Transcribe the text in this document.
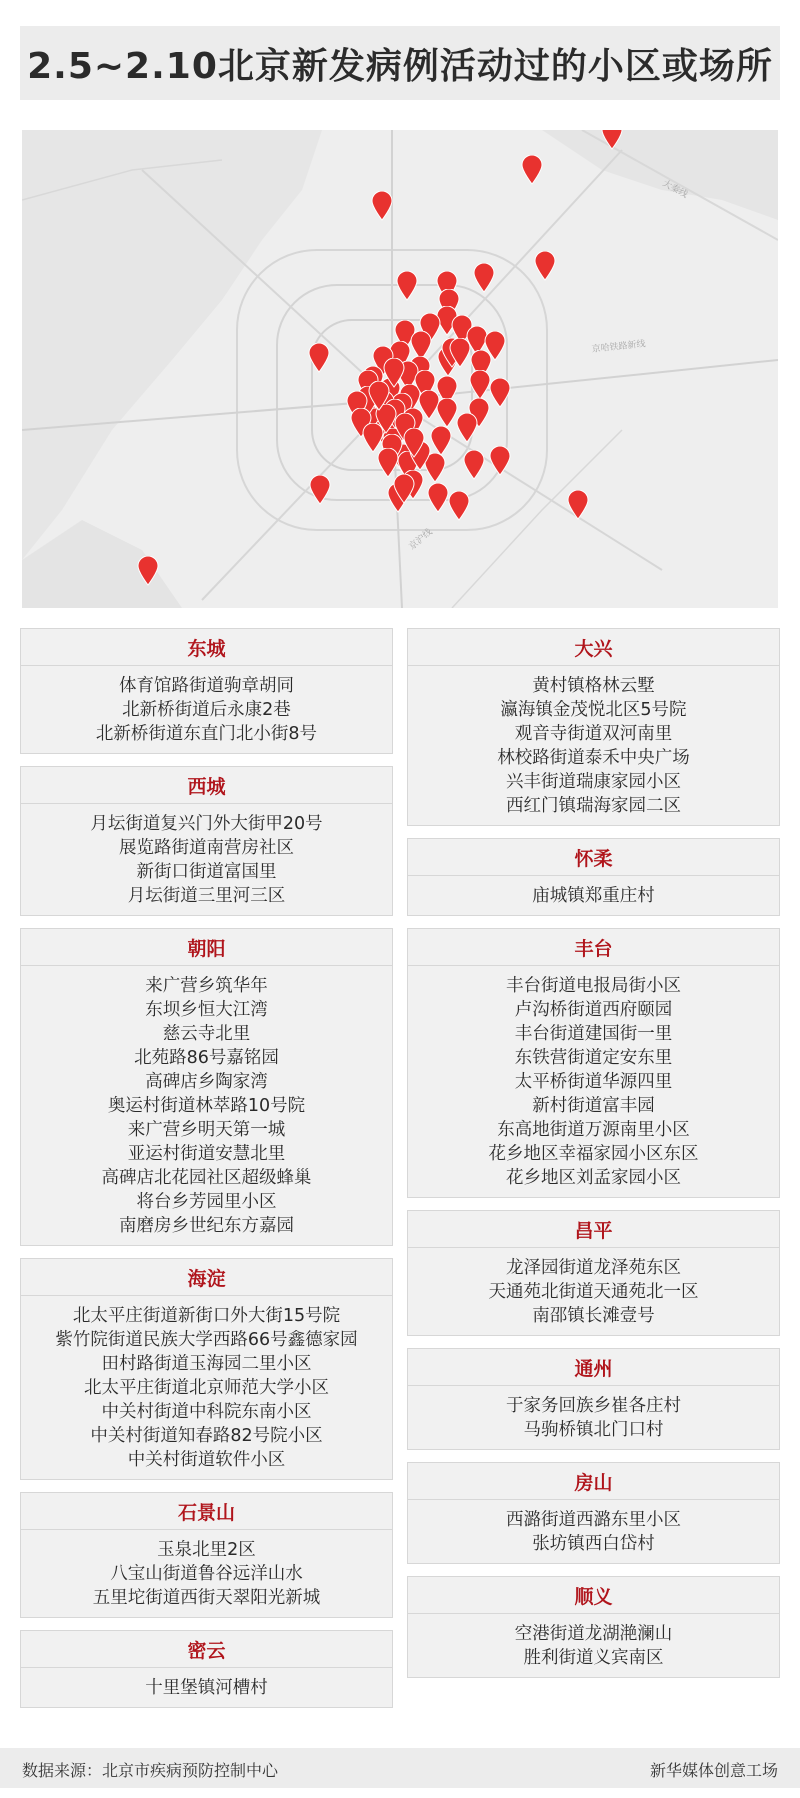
2.5~2.10北京新发病例活动过的小区或场所
京哈铁路新线
大秦线
京沪线
数据来源：北京市疾病预防控制中心	新华媒体创意工场
东城
体育馆路街道驹章胡同
北新桥街道后永康2巷
北新桥街道东直门北小街8号
西城
月坛街道复兴门外大街甲20号
展览路街道南营房社区
新街口街道富国里
月坛街道三里河三区
朝阳
来广营乡筑华年
东坝乡恒大江湾
慈云寺北里
北苑路86号嘉铭园
高碑店乡陶家湾
奥运村街道林萃路10号院
来广营乡明天第一城
亚运村街道安慧北里
高碑店北花园社区超级蜂巢
将台乡芳园里小区
南磨房乡世纪东方嘉园
海淀
北太平庄街道新街口外大街15号院
紫竹院街道民族大学西路66号鑫德家园
田村路街道玉海园二里小区
北太平庄街道北京师范大学小区
中关村街道中科院东南小区
中关村街道知春路82号院小区
中关村街道软件小区
石景山
玉泉北里2区
八宝山街道鲁谷远洋山水
五里坨街道西街天翠阳光新城
密云
十里堡镇河槽村
大兴
黄村镇格林云墅
瀛海镇金茂悦北区5号院
观音寺街道双河南里
林校路街道泰禾中央广场
兴丰街道瑞康家园小区
西红门镇瑞海家园二区
怀柔
庙城镇郑重庄村
丰台
丰台街道电报局街小区
卢沟桥街道西府颐园
丰台街道建国街一里
东铁营街道定安东里
太平桥街道华源四里
新村街道富丰园
东高地街道万源南里小区
花乡地区幸福家园小区东区
花乡地区刘孟家园小区
昌平
龙泽园街道龙泽苑东区
天通苑北街道天通苑北一区
南邵镇长滩壹号
通州
于家务回族乡崔各庄村
马驹桥镇北门口村
房山
西潞街道西潞东里小区
张坊镇西白岱村
顺义
空港街道龙湖滟澜山
胜利街道义宾南区
